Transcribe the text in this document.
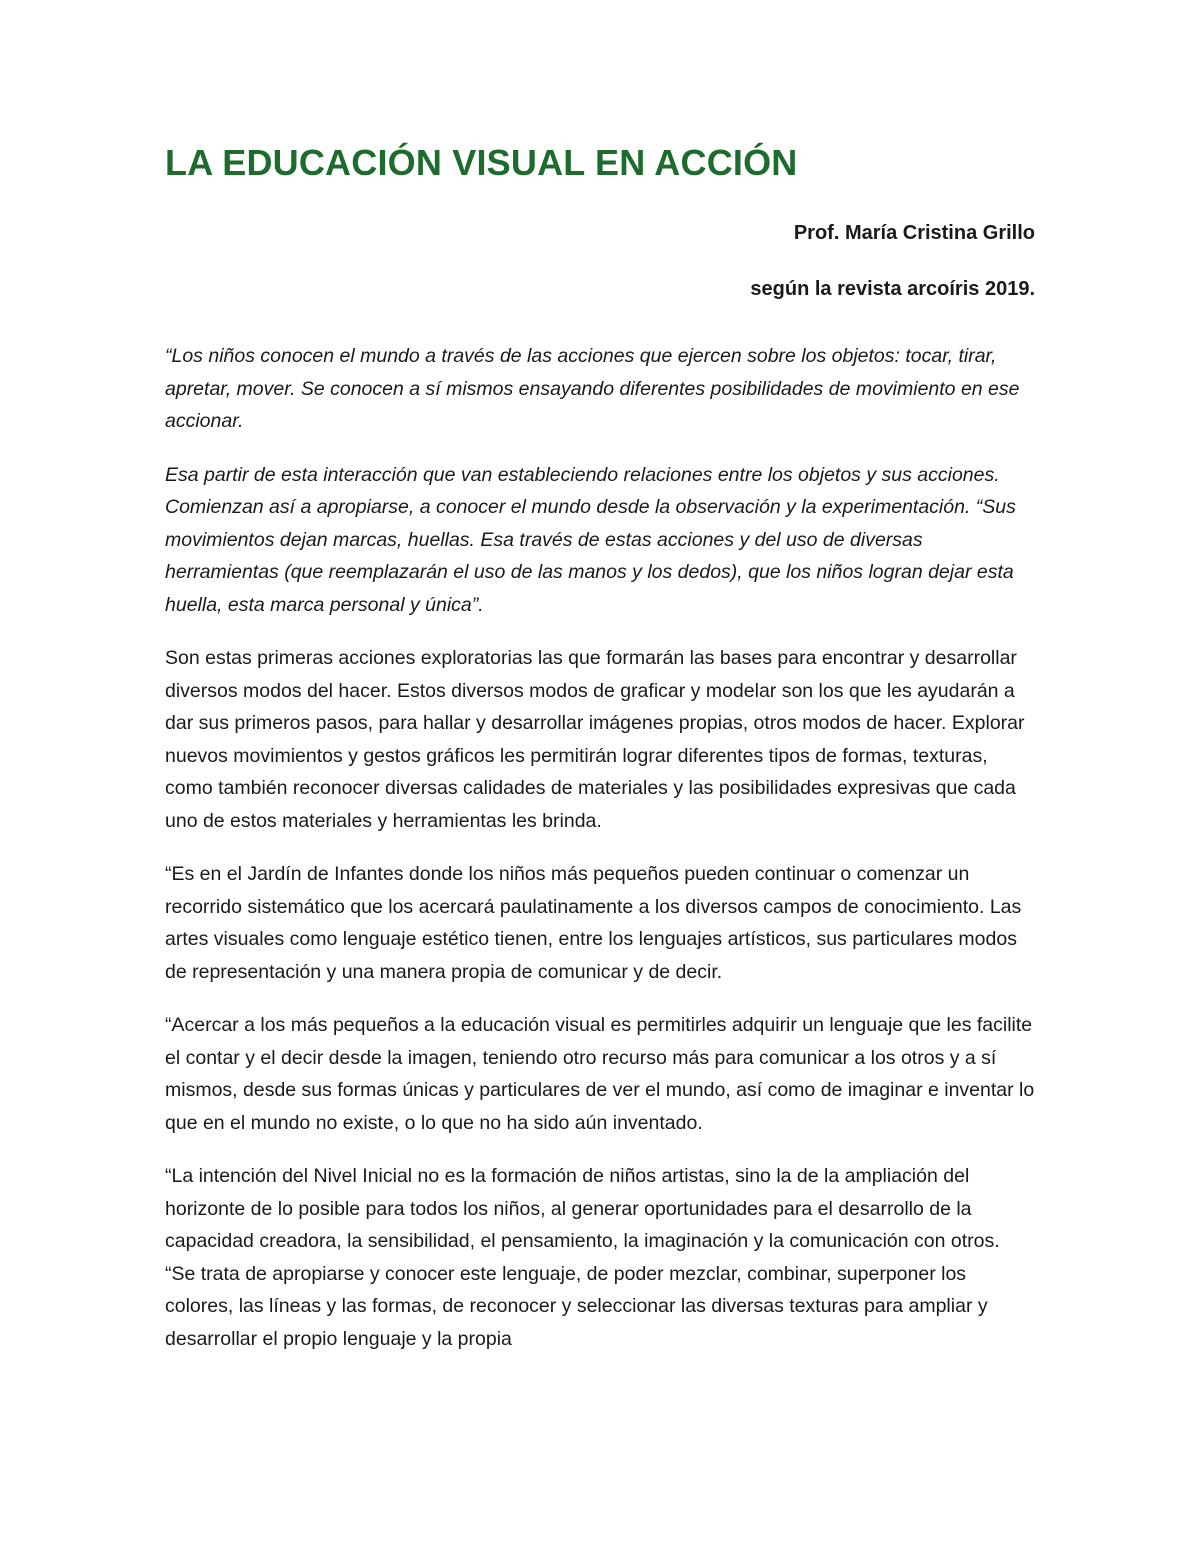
LA EDUCACIÓN VISUAL EN ACCIÓN

Prof. María Cristina Grillo

según la revista arcoíris 2019.

“Los niños conocen el mundo a través de las acciones que ejercen sobre los objetos: tocar, tirar, apretar, mover. Se conocen a sí mismos ensayando diferentes posibilidades de movimiento en ese accionar.

Esa partir de esta interacción que van estableciendo relaciones entre los objetos y sus acciones. Comienzan así a apropiarse, a conocer el mundo desde la observación y la experimentación. “Sus movimientos dejan marcas, huellas. Esa través de estas acciones y del uso de diversas herramientas (que reemplazarán el uso de las manos y los dedos), que los niños logran dejar esta huella, esta marca personal y única”.

Son estas primeras acciones exploratorias las que formarán las bases para encontrar y desarrollar diversos modos del hacer. Estos diversos modos de graficar y modelar son los que les ayudarán a dar sus primeros pasos, para hallar y desarrollar imágenes propias, otros modos de hacer. Explorar nuevos movimientos y gestos gráficos les permitirán lograr diferentes tipos de formas, texturas, como también reconocer diversas calidades de materiales y las posibilidades expresivas que cada uno de estos materiales y herramientas les brinda.

“Es en el Jardín de Infantes donde los niños más pequeños pueden continuar o comenzar un recorrido sistemático que los acercará paulatinamente a los diversos campos de conocimiento. Las artes visuales como lenguaje estético tienen, entre los lenguajes artísticos, sus particulares modos de representación y una manera propia de comunicar y de decir.

“Acercar a los más pequeños a la educación visual es permitirles adquirir un lenguaje que les facilite el contar y el decir desde la imagen, teniendo otro recurso más para comunicar a los otros y a sí mismos, desde sus formas únicas y particulares de ver el mundo, así como de imaginar e inventar lo que en el mundo no existe, o lo que no ha sido aún inventado.

“La intención del Nivel Inicial no es la formación de niños artistas, sino la de la ampliación del horizonte de lo posible para todos los niños, al generar oportunidades para el desarrollo de la capacidad creadora, la sensibilidad, el pensamiento, la imaginación y la comunicación con otros. “Se trata de apropiarse y conocer este lenguaje, de poder mezclar, combinar, superponer los colores, las líneas y las formas, de reconocer y seleccionar las diversas texturas para ampliar y desarrollar el propio lenguaje y la propia
